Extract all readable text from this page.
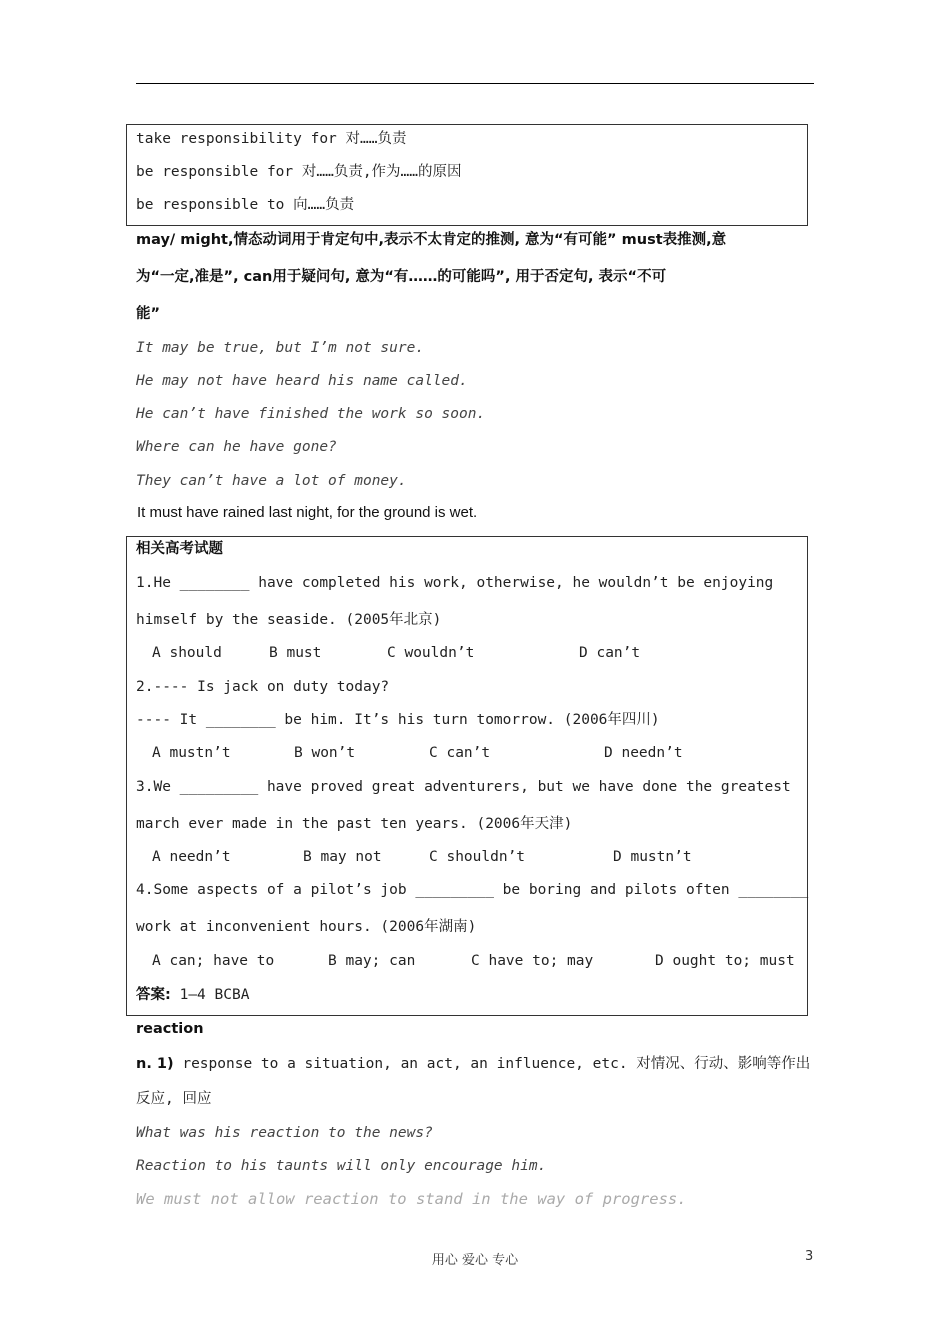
take responsibility for 对……负责
be responsible for 对……负责,作为……的原因
be responsible to 向……负责
may/ might,情态动词用于肯定句中,表示不太肯定的推测, 意为“有可能” must表推测,意
为“一定,准是”, can用于疑问句, 意为“有……的可能吗”, 用于否定句, 表示“不可
能”
It may be true, but I’m not sure.
He may not have heard his name called.
He can’t have finished the work so soon.
Where can he have gone?
They can’t have a lot of money.
It must have rained last night, for the ground is wet.
相关高考试题
1.He ________ have completed his work, otherwise, he wouldn’t be enjoying
himself by the seaside. (2005年北京)
A should	B must	C wouldn’t	D can’t
2.---- Is jack on duty today?
---- It ________ be him. It’s his turn tomorrow. (2006年四川)
A mustn’t	B won’t	C can’t	D needn’t
3.We _________ have proved great adventurers, but we have done the greatest
march ever made in the past ten years. (2006年天津)
A needn’t	B may not	C shouldn’t	D mustn’t
4.Some aspects of a pilot’s job _________ be boring and pilots often ________
work at inconvenient hours. (2006年湖南)
A can; have to	B may; can	C have to; may	D ought to; must
答案: 1—4 BCBA
reaction
n. 1) response to a situation, an act, an influence, etc. 对情况、行动、影响等作出
反应, 回应
What was his reaction to the news?
Reaction to his taunts will only encourage him.
We must not allow reaction to stand in the way of progress.
用心 爱心 专心	3
